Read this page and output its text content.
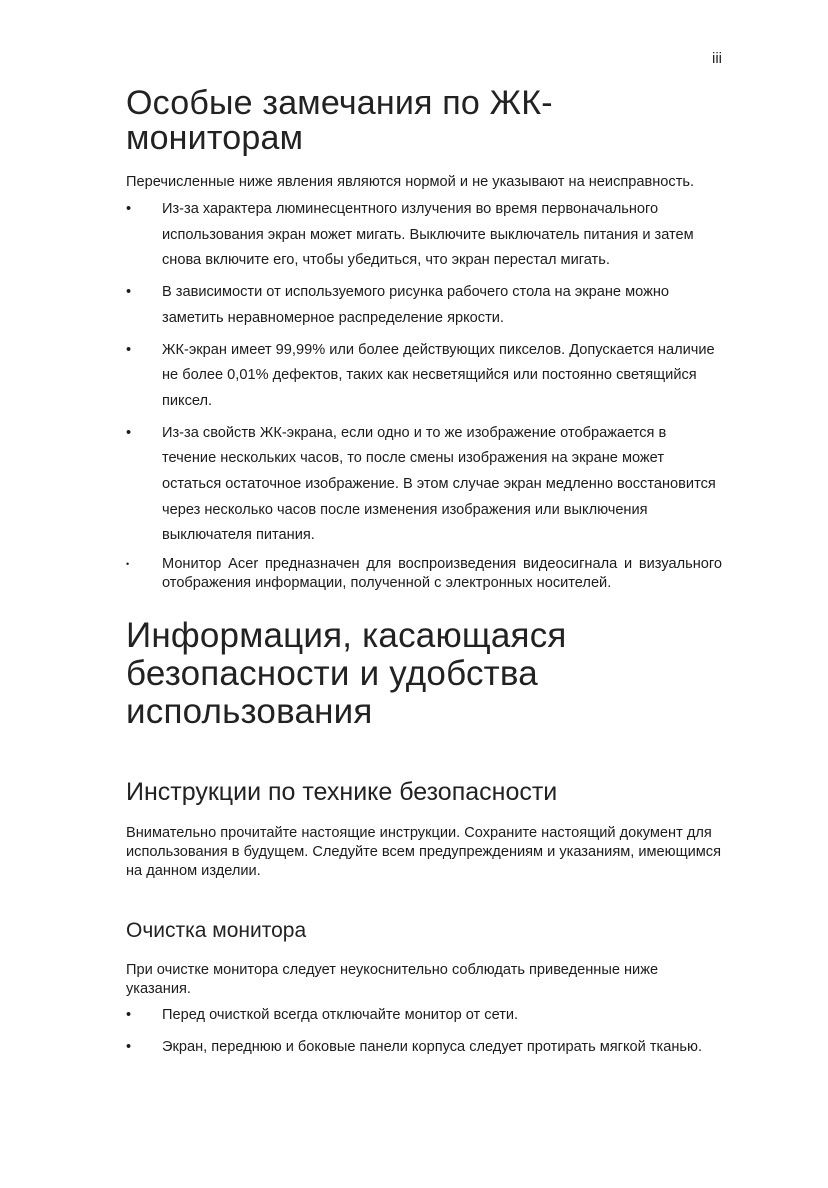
iii
Особые замечания по ЖК-
мониторам

Перечисленные ниже явления являются нормой и не указывают на неисправность.

•	Из-за характера люминесцентного излучения во время первоначального использования экран может мигать. Выключите выключатель питания и затем снова включите его, чтобы убедиться, что экран перестал мигать.
•	В зависимости от используемого рисунка рабочего стола на экране можно заметить неравномерное распределение яркости.
•	ЖК-экран имеет 99,99% или более действующих пикселов. Допускается наличие не более 0,01% дефектов, таких как несветящийся или постоянно светящийся пиксел.
•	Из-за свойств ЖК-экрана, если одно и то же изображение отображается в течение нескольких часов, то после смены изображения на экране может остаться остаточное изображение. В этом случае экран медленно восстановится через несколько часов после изменения изображения или выключения выключателя питания.
•	Монитор Acer предназначен для воспроизведения видеосигнала и визуального отображения информации, полученной с электронных носителей.
Информация, касающаяся
безопасности и удобства
использования
Инструкции по технике безопасности

Внимательно прочитайте настоящие инструкции. Сохраните настоящий документ для использования в будущем. Следуйте всем предупреждениям и указаниям, имеющимся на данном изделии.

Очистка монитора

При очистке монитора следует неукоснительно соблюдать приведенные ниже указания.

•	Перед очисткой всегда отключайте монитор от сети.
•	Экран, переднюю и боковые панели корпуса следует протирать мягкой тканью.
